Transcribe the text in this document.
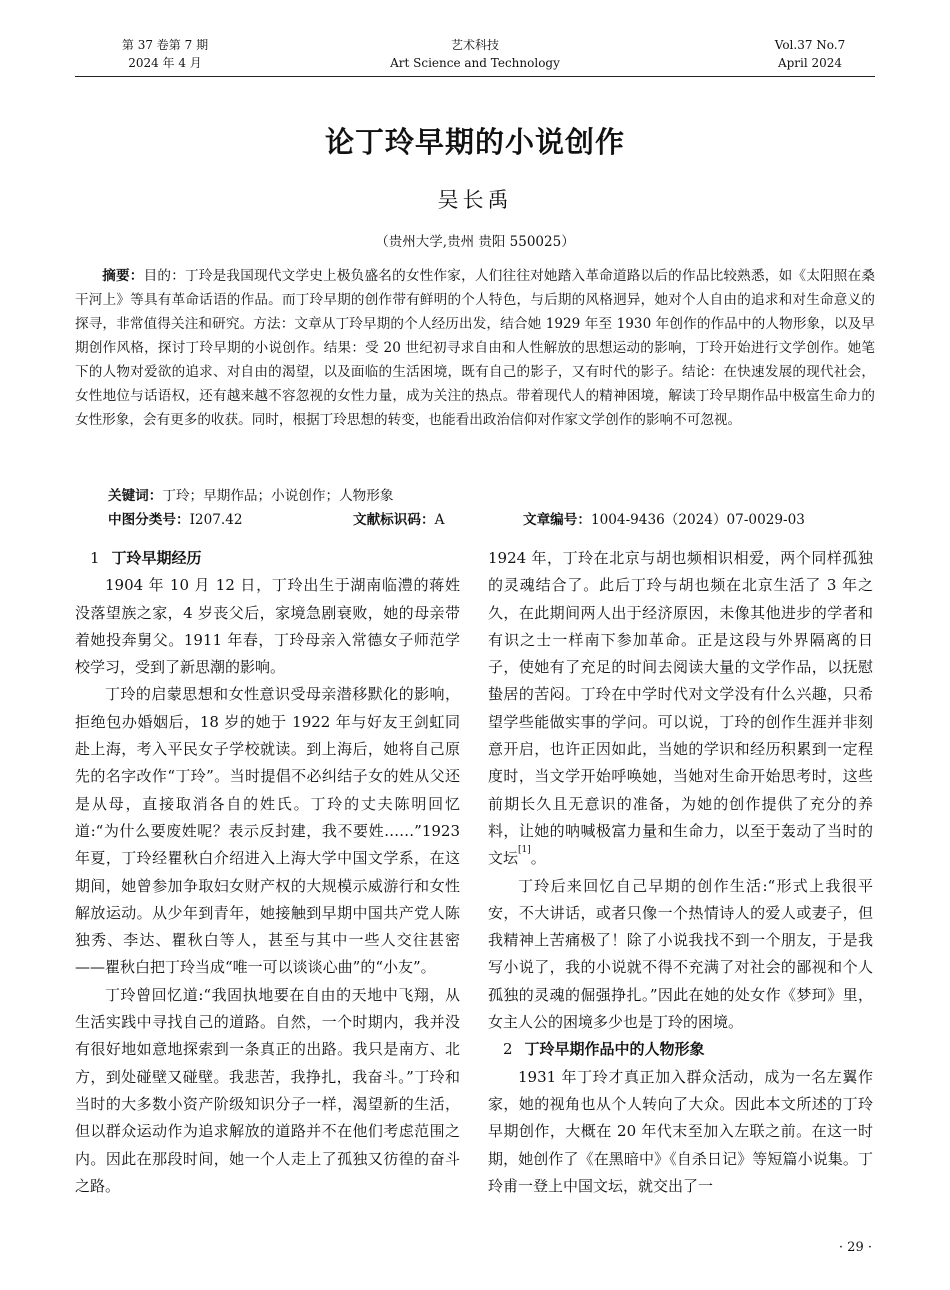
第 37 卷第 7 期
2024 年 4 月
艺术科技
Art Science and Technology
Vol.37 No.7
April 2024
论丁玲早期的小说创作
吴长禹
（贵州大学,贵州 贵阳 550025）
摘要：目的：丁玲是我国现代文学史上极负盛名的女性作家，人们往往对她踏入革命道路以后的作品比较熟悉，如《太阳照在桑干河上》等具有革命话语的作品。而丁玲早期的创作带有鲜明的个人特色，与后期的风格迥异，她对个人自由的追求和对生命意义的探寻，非常值得关注和研究。方法：文章从丁玲早期的个人经历出发，结合她 1929 年至 1930 年创作的作品中的人物形象，以及早期创作风格，探讨丁玲早期的小说创作。结果：受 20 世纪初寻求自由和人性解放的思想运动的影响，丁玲开始进行文学创作。她笔下的人物对爱欲的追求、对自由的渴望，以及面临的生活困境，既有自己的影子，又有时代的影子。结论：在快速发展的现代社会，女性地位与话语权，还有越来越不容忽视的女性力量，成为关注的热点。带着现代人的精神困境，解读丁玲早期作品中极富生命力的女性形象，会有更多的收获。同时，根据丁玲思想的转变，也能看出政治信仰对作家文学创作的影响不可忽视。
关键词：丁玲；早期作品；小说创作；人物形象
中图分类号：I207.42	文献标识码：A	文章编号：1004-9436（2024）07-0029-03
1 丁玲早期经历

1904 年 10 月 12 日，丁玲出生于湖南临澧的蒋姓没落望族之家，4 岁丧父后，家境急剧衰败，她的母亲带着她投奔舅父。1911 年春，丁玲母亲入常德女子师范学校学习，受到了新思潮的影响。

丁玲的启蒙思想和女性意识受母亲潜移默化的影响，拒绝包办婚姻后，18 岁的她于 1922 年与好友王剑虹同赴上海，考入平民女子学校就读。到上海后，她将自己原先的名字改作“丁玲”。当时提倡不必纠结子女的姓从父还是从母，直接取消各自的姓氏。丁玲的丈夫陈明回忆道:“为什么要废姓呢？表示反封建，我不要姓……”1923 年夏，丁玲经瞿秋白介绍进入上海大学中国文学系，在这期间，她曾参加争取妇女财产权的大规模示威游行和女性解放运动。从少年到青年，她接触到早期中国共产党人陈独秀、李达、瞿秋白等人，甚至与其中一些人交往甚密——瞿秋白把丁玲当成“唯一可以谈谈心曲”的“小友”。

丁玲曾回忆道:“我固执地要在自由的天地中飞翔，从生活实践中寻找自己的道路。自然，一个时期内，我并没有很好地如意地探索到一条真正的出路。我只是南方、北方，到处碰壁又碰壁。我悲苦，我挣扎，我奋斗。”丁玲和当时的大多数小资产阶级知识分子一样，渴望新的生活，但以群众运动作为追求解放的道路并不在他们考虑范围之内。因此在那段时间，她一个人走上了孤独又彷徨的奋斗之路。

1924 年，丁玲在北京与胡也频相识相爱，两个同样孤独的灵魂结合了。此后丁玲与胡也频在北京生活了 3 年之久，在此期间两人出于经济原因，未像其他进步的学者和有识之士一样南下参加革命。正是这段与外界隔离的日子，使她有了充足的时间去阅读大量的文学作品，以抚慰蛰居的苦闷。丁玲在中学时代对文学没有什么兴趣，只希望学些能做实事的学问。可以说，丁玲的创作生涯并非刻意开启，也许正因如此，当她的学识和经历积累到一定程度时，当文学开始呼唤她，当她对生命开始思考时，这些前期长久且无意识的准备，为她的创作提供了充分的养料，让她的呐喊极富力量和生命力，以至于轰动了当时的文坛[1]。

丁玲后来回忆自己早期的创作生活:“形式上我很平安，不大讲话，或者只像一个热情诗人的爱人或妻子，但我精神上苦痛极了！除了小说我找不到一个朋友，于是我写小说了，我的小说就不得不充满了对社会的鄙视和个人孤独的灵魂的倔强挣扎。”因此在她的处女作《梦珂》里，女主人公的困境多少也是丁玲的困境。

2 丁玲早期作品中的人物形象

1931 年丁玲才真正加入群众活动，成为一名左翼作家，她的视角也从个人转向了大众。因此本文所述的丁玲早期创作，大概在 20 年代末至加入左联之前。在这一时期，她创作了《在黑暗中》《自杀日记》等短篇小说集。丁玲甫一登上中国文坛，就交出了一

· 29 ·
